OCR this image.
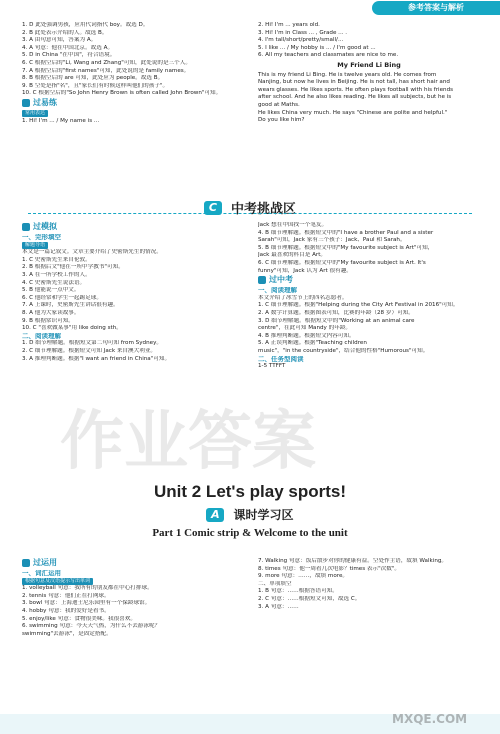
参考答案与解析

1. D 此处强调男孩，应用代词指代 boy。故选 D。

2. B 此处表示介绍的人。故选 B。

3. A 由句意可知，答案为 A。

4. A 句意：他在中国北京。故选 A。

5. D in China "在中国"，符合语境。

6. C 根据空后的"Li, Wang and Zhang"可知，此处说的是三个人。

7. A 根据空后的"first names"可知，此处说的是 family names。

8. B 根据空后的 are 可知，此处应为 people。故选 B。

9. B 空处是指"名"，且"家长们有时候这样叫他们的孩子"。

10. C 根据空后的"So John Henry Brown is often called John Brown"可知。

过易练

常用表达

1. Hi! I'm ... / My name is ...

2. Hi! I'm ... years old.

3. Hi! I'm in Class ... , Grade ... .

4. I'm tall/short/pretty/small/...

5. I like ... / My hobby is ... / I'm good at ...

6. All my teachers and classmates are nice to me.

My Friend Li Bing

This is my friend Li Bing. He is twelve years old. He comes from

Nanjing, but now he lives in Beijing. He is not tall, has short hair and

wears glasses. He likes sports. He often plays football with his friends

after school. And he also likes reading. He likes all subjects, but he is

good at Maths.

He likes China very much. He says "Chinese are polite and helpful."

Do you like him?

C 中考挑战区
过模拟

一、完形填空

解题导语

本文是一篇记叙文。文章主要介绍了史密斯先生的情况。

1. C 史密斯先生来自伦敦。

2. B 根据后文"他在一所中学教书"可知。

3. A 在一所学校工作的人。

4. C 史密斯先生说法语。

5. B 他能说一点中文。

6. C 他经常和学生一起踢足球。

7. A 上课时，史密斯先生讲话很有趣。

8. A 他为大家读故事。

9. B 根据常识可知。

10. C "喜欢做某事"用 like doing sth。

二、阅读理解

1. D 细节理解题。根据短文第二句可知 from Sydney。

2. C 细节理解题。根据短文可知 Jack 来自澳大利亚。

3. A 推理判断题。根据"I want an friend in China"可知。

Jack 想在中国找一个笔友。

4. B 细节理解题。根据短文中的"I have a brother Paul and a sister

Sarah"可知，Jack 家有三个孩子：Jack、Paul 和 Sarah。

5. B 细节理解题。根据短文中的"My favourite subject is Art"可知，

Jack 最喜欢的科目是 Art。

6. C 细节理解题。根据短文中的"My favourite subject is Art. It's

funny"可知，Jack 认为 Art 很有趣。

过中考

一、阅读理解

本文介绍了冰雪节上的四名志愿者。

1. C 细节理解题。根据"Helping during the City Art Festival in 2016"可知。

2. A 数字计算题。根据图表可知，比赛的年龄（28 岁）可知。

3. D 细节理解题。根据短文中的"Working at an animal care

centre"，在此可知 Mandy 的年龄。

4. B 推理判断题。根据短文内容可知。

5. A 正误判断题。根据"Teaching children

music"，"in the countryside"，结合他的性格"Humorous"可知。

二、任务型阅读

1-5 TTFFT

Unit 2 Let's play sports!
A 课时学习区
Part 1 Comic strip & Welcome to the unit
过运用

一、词汇运用

根据句意及汉语提示写出单词

1. volleyball 句意：我所有的朋友都在中心打排球。

2. tennis 句意：他们正在打网球。

3. bowl 句意：上海迪士尼乐园里有一个保龄球馆。

4. hobby 句意：我的爱好是看书。

5. enjoy/like 句意：食物很美味。我很喜欢。

6. swimming 句意：今天天气热，为什么不去游泳呢？

swimming"去游泳"，是固定搭配。

7. Walking 句意：饭后散步对你的健康有益。空处作主语，故填 Walking。

8. times 句意：他一周看几次电影？times 表示"次数"。

9. more 句意：……，故填 more。

二、单项填空

1. B 句意：……根据答语可知。

2. C 句意：……根据短文可知，故选 C。

3. A 句意：……

作业答案
MXQE.COM
